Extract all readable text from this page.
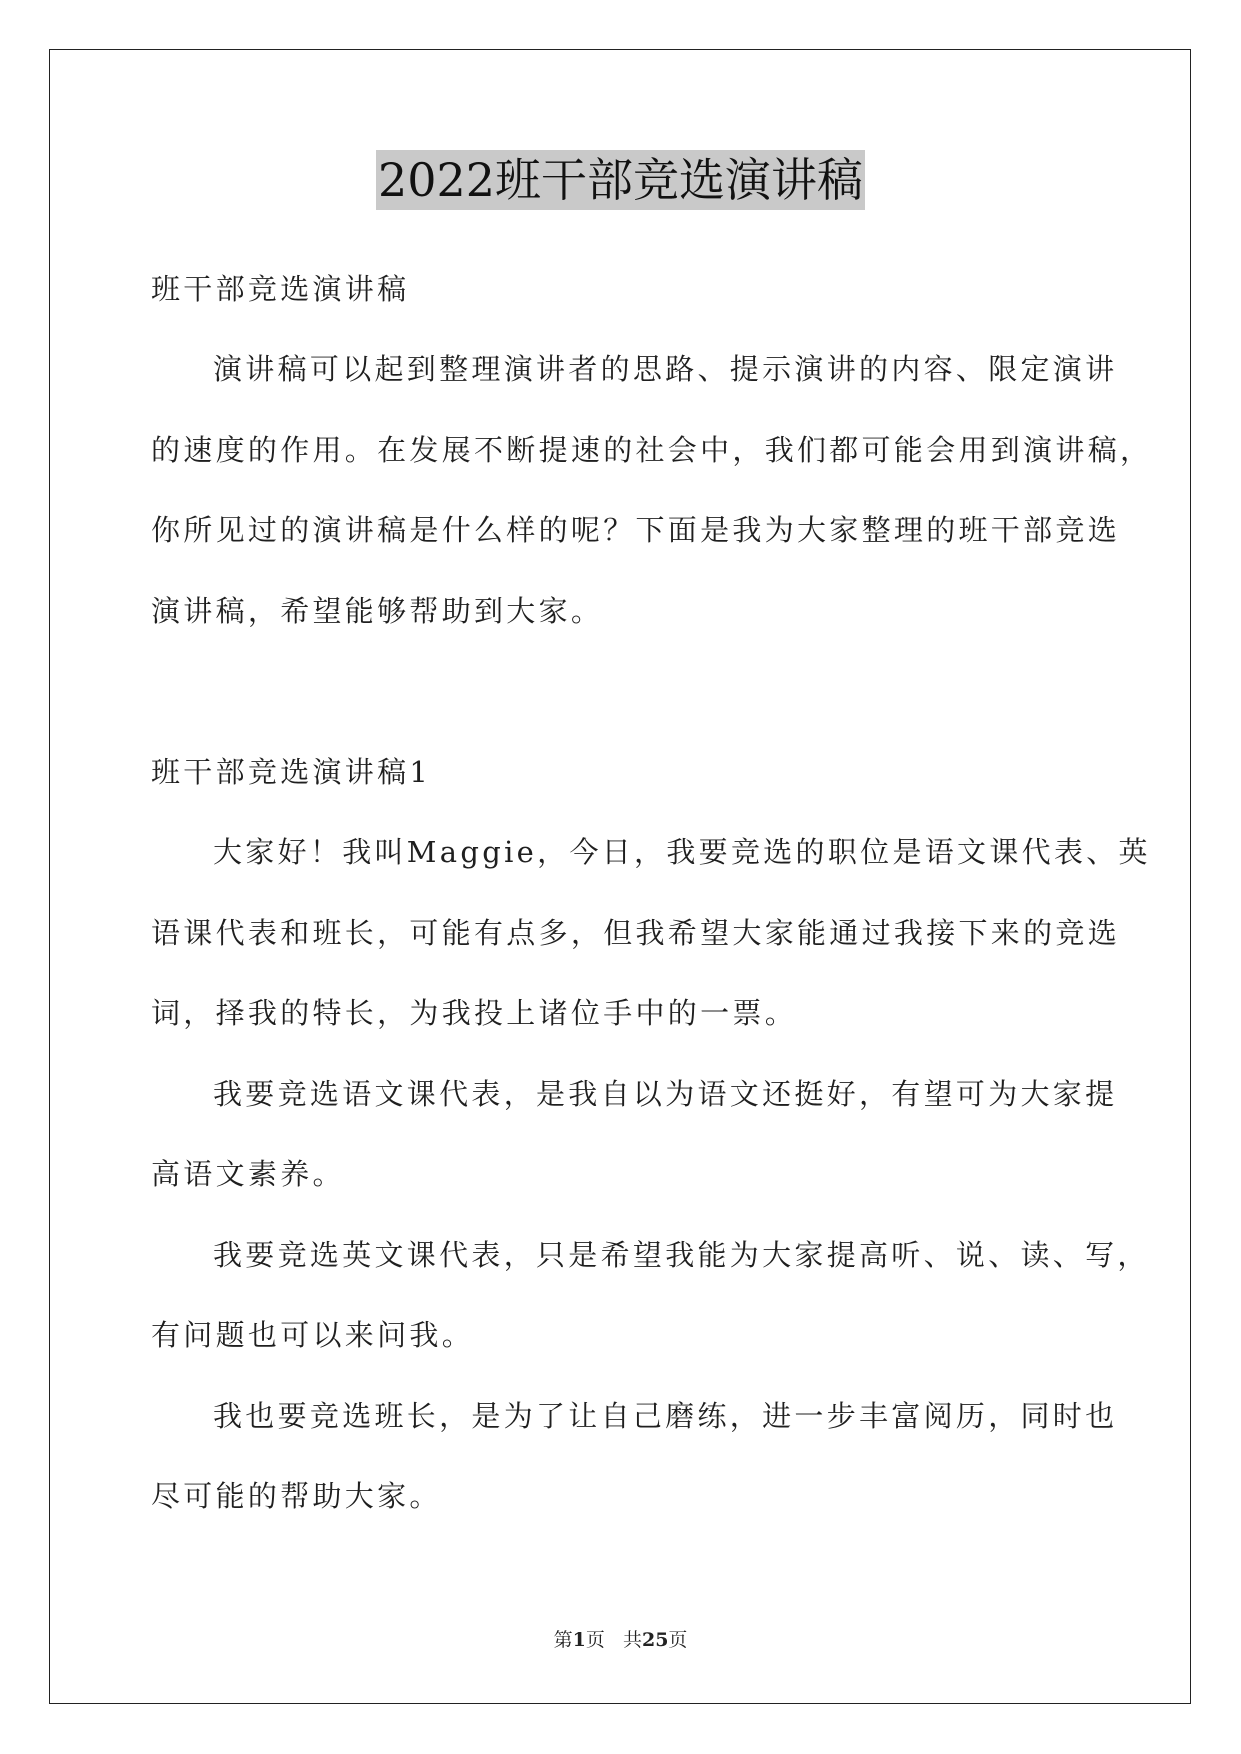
2022班干部竞选演讲稿
班干部竞选演讲稿
演讲稿可以起到整理演讲者的思路、提示演讲的内容、限定演讲
的速度的作用。在发展不断提速的社会中，我们都可能会用到演讲稿，
你所见过的演讲稿是什么样的呢？下面是我为大家整理的班干部竞选
演讲稿，希望能够帮助到大家。
班干部竞选演讲稿1
大家好！我叫Maggie，今日，我要竞选的职位是语文课代表、英
语课代表和班长，可能有点多，但我希望大家能通过我接下来的竞选
词，择我的特长，为我投上诸位手中的一票。
我要竞选语文课代表，是我自以为语文还挺好，有望可为大家提
高语文素养。
我要竞选英文课代表，只是希望我能为大家提高听、说、读、写，
有问题也可以来问我。
我也要竞选班长，是为了让自己磨练，进一步丰富阅历，同时也
尽可能的帮助大家。
第1页 共25页
